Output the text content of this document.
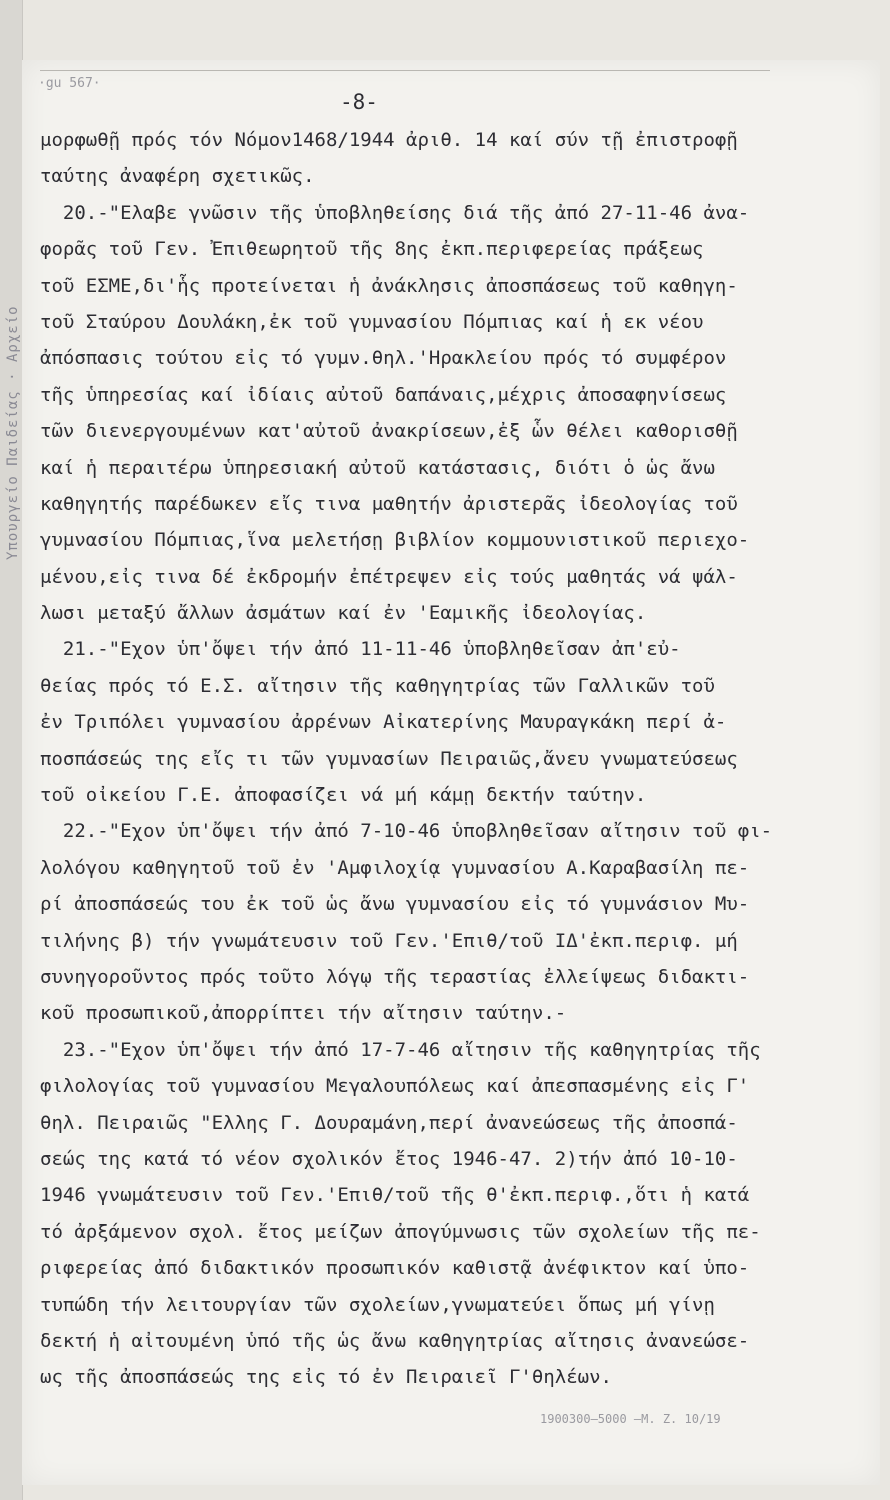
Υπουργείο Παιδείας · Αρχείο
·gu 567·
-8-
μορφωθῇ πρός τόν Νόμον1468/1944 ἀριθ. 14 καί σύν τῇ ἐπιστροφῇ
ταύτης ἀναφέρη σχετικῶς.
20.-"Ελαβε γνῶσιν τῆς ὑποβληθείσης διά τῆς ἀπό 27-11-46 ἀνα-
φορᾶς τοῦ Γεν. Ἐπιθεωρητοῦ τῆς 8ης ἐκπ.περιφερείας πράξεως
τοῦ ΕΣΜΕ,δι'ἧς προτείνεται ἡ ἀνάκλησις ἀποσπάσεως τοῦ καθηγη-
τοῦ Σταύρου Δουλάκη,ἐκ τοῦ γυμνασίου Πόμπιας καί ἡ εκ νέου
ἀπόσπασις τούτου εἰς τό γυμν.θηλ.'Ηρακλείου πρός τό συμφέρον
τῆς ὑπηρεσίας καί ἰδίαις αὐτοῦ δαπάναις,μέχρις ἀποσαφηνίσεως
τῶν διενεργουμένων κατ'αὐτοῦ ἀνακρίσεων,ἐξ ὧν θέλει καθορισθῇ
καί ἡ περαιτέρω ὑπηρεσιακή αὐτοῦ κατάστασις, διότι ὁ ὡς ἄνω
καθηγητής παρέδωκεν εἴς τινα μαθητήν ἀριστερᾶς ἰδεολογίας τοῦ
γυμνασίου Πόμπιας,ἵνα μελετήσῃ βιβλίον κομμουνιστικοῦ περιεχο-
μένου,εἰς τινα δέ ἐκδρομήν ἐπέτρεψεν εἰς τούς μαθητάς νά ψάλ-
λωσι μεταξύ ἄλλων ἀσμάτων καί ἐν 'Εαμικῆς ἰδεολογίας.
21.-"Εχον ὑπ'ὄψει τήν ἀπό 11-11-46 ὑποβληθεῖσαν ἀπ'εὐ-
θείας πρός τό Ε.Σ. αἴτησιν τῆς καθηγητρίας τῶν Γαλλικῶν τοῦ
ἐν Τριπόλει γυμνασίου ἀρρένων Αἰκατερίνης Μαυραγκάκη περί ἀ-
ποσπάσεώς της εἴς τι τῶν γυμνασίων Πειραιῶς,ἄνευ γνωματεύσεως
τοῦ οἰκείου Γ.Ε. ἀποφασίζει νά μή κάμῃ δεκτήν ταύτην.
22.-"Εχον ὑπ'ὄψει τήν ἀπό 7-10-46 ὑποβληθεῖσαν αἴτησιν τοῦ φι-
λολόγου καθηγητοῦ τοῦ ἐν 'Αμφιλοχίᾳ γυμνασίου Α.Καραβασίλη πε-
ρί ἀποσπάσεώς του ἐκ τοῦ ὡς ἄνω γυμνασίου εἰς τό γυμνάσιον Μυ-
τιλήνης β) τήν γνωμάτευσιν τοῦ Γεν.'Επιθ/τοῦ ΙΔ'ἐκπ.περιφ. μή
συνηγοροῦντος πρός τοῦτο λόγῳ τῆς τεραστίας ἐλλείψεως διδακτι-
κοῦ προσωπικοῦ,ἀπορρίπτει τήν αἴτησιν ταύτην.-
23.-"Εχον ὑπ'ὄψει τήν ἀπό 17-7-46 αἴτησιν τῆς καθηγητρίας τῆς
φιλολογίας τοῦ γυμνασίου Μεγαλουπόλεως καί ἀπεσπασμένης εἰς Γ'
θηλ. Πειραιῶς "Ελλης Γ. Δουραμάνη,περί ἀνανεώσεως τῆς ἀποσπά-
σεώς της κατά τό νέον σχολικόν ἔτος 1946-47. 2)τήν ἀπό 10-10-
1946 γνωμάτευσιν τοῦ Γεν.'Επιθ/τοῦ τῆς θ'ἐκπ.περιφ.,ὅτι ἡ κατά
τό ἀρξάμενον σχολ. ἔτος μείζων ἀπογύμνωσις τῶν σχολείων τῆς πε-
ριφερείας ἀπό διδακτικόν προσωπικόν καθιστᾷ ἀνέφικτον καί ὑπο-
τυπώδη τήν λειτουργίαν τῶν σχολείων,γνωματεύει ὅπως μή γίνῃ
δεκτή ἡ αἰτουμένη ὑπό τῆς ὡς ἄνω καθηγητρίας αἴτησις ἀνανεώσε-
ως τῆς ἀποσπάσεώς της εἰς τό ἐν Πειραιεῖ Γ'θηλέων.
1900300—5000 —Μ. Ζ. 10/19
